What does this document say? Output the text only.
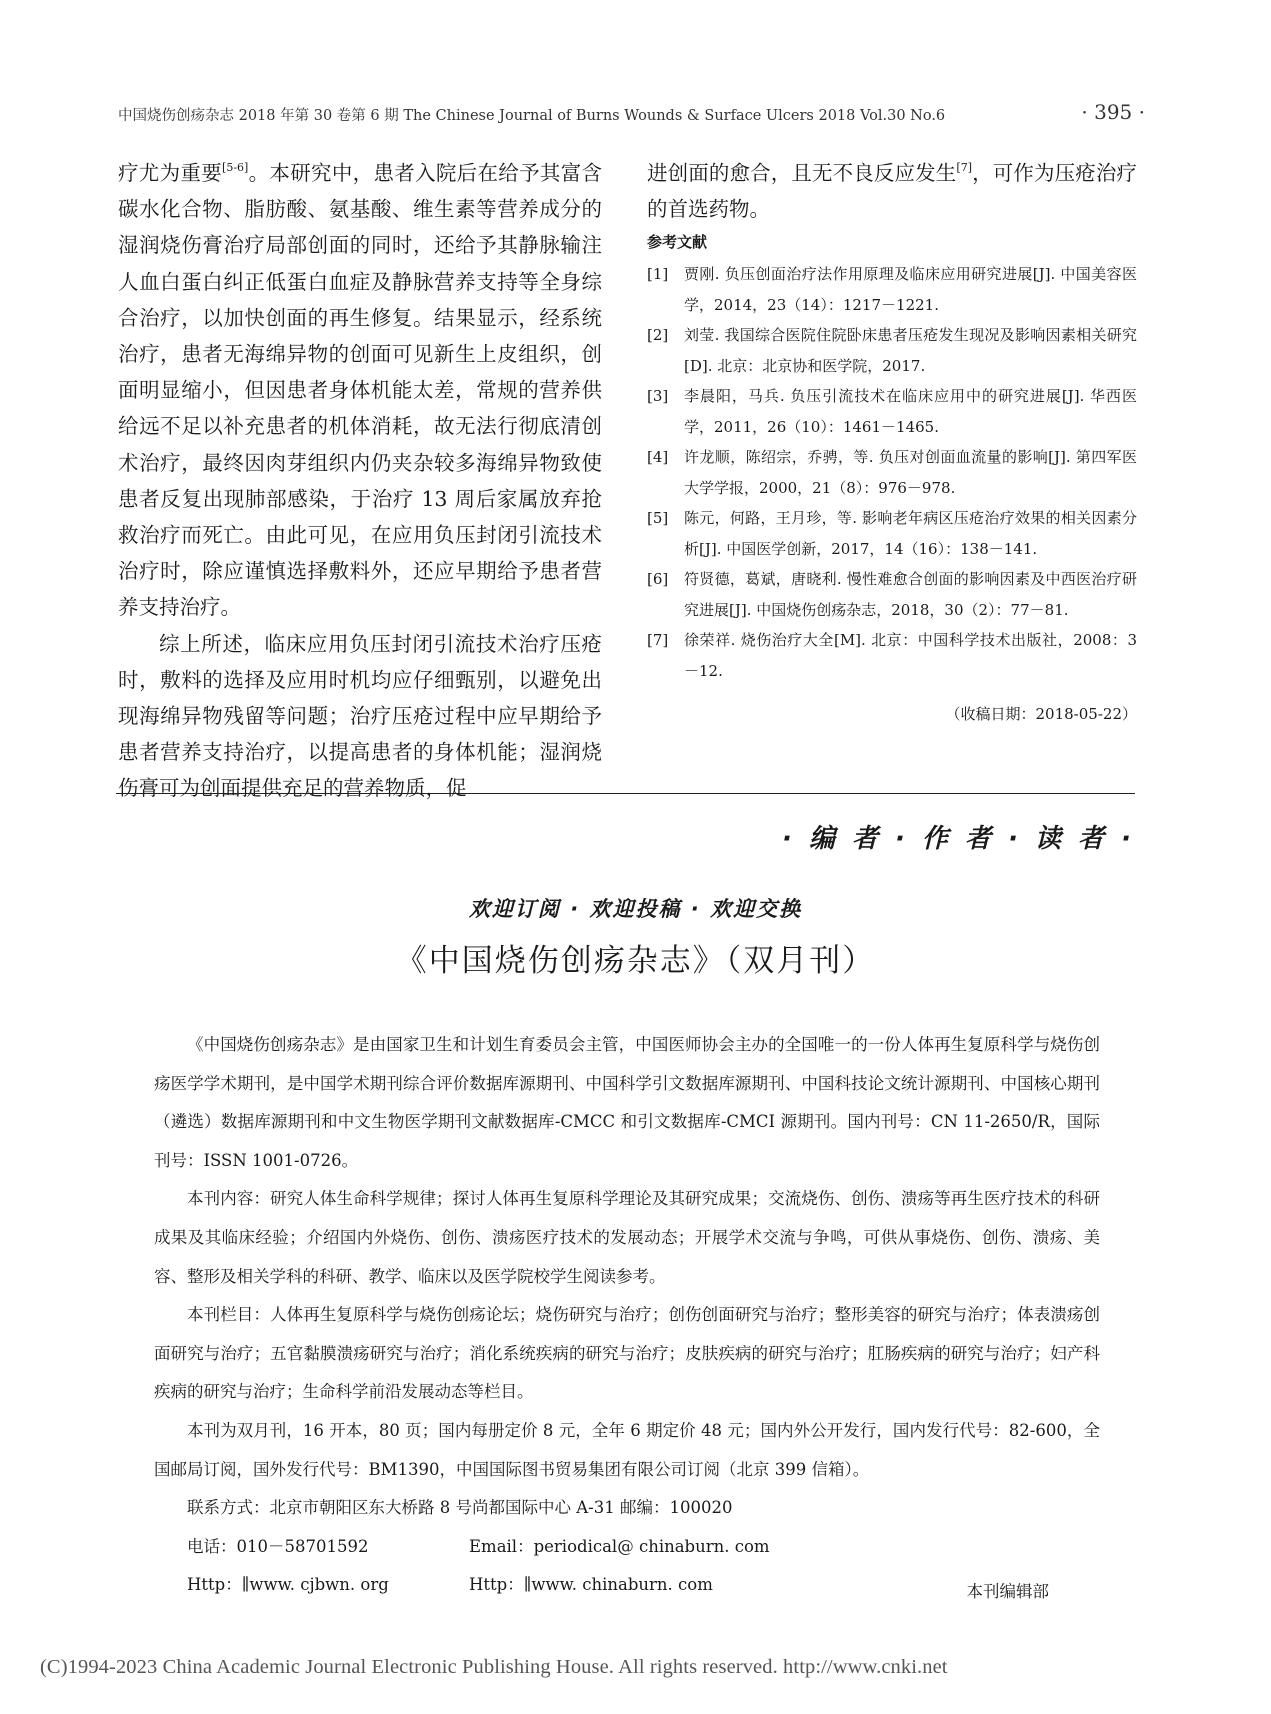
中国烧伤创疡杂志 2018 年第 30 卷第 6 期 The Chinese Journal of Burns Wounds & Surface Ulcers 2018 Vol.30 No.6	· 395 ·

疗尤为重要[5-6]。本研究中，患者入院后在给予其富含碳水化合物、脂肪酸、氨基酸、维生素等营养成分的湿润烧伤膏治疗局部创面的同时，还给予其静脉输注人血白蛋白纠正低蛋白血症及静脉营养支持等全身综合治疗，以加快创面的再生修复。结果显示，经系统治疗，患者无海绵异物的创面可见新生上皮组织，创面明显缩小，但因患者身体机能太差，常规的营养供给远不足以补充患者的机体消耗，故无法行彻底清创术治疗，最终因肉芽组织内仍夹杂较多海绵异物致使患者反复出现肺部感染，于治疗 13 周后家属放弃抢救治疗而死亡。由此可见，在应用负压封闭引流技术治疗时，除应谨慎选择敷料外，还应早期给予患者营养支持治疗。

综上所述，临床应用负压封闭引流技术治疗压疮时，敷料的选择及应用时机均应仔细甄别，以避免出现海绵异物残留等问题；治疗压疮过程中应早期给予患者营养支持治疗，以提高患者的身体机能；湿润烧伤膏可为创面提供充足的营养物质，促

进创面的愈合，且无不良反应发生[7]，可作为压疮治疗的首选药物。

参考文献
[1] 贾刚. 负压创面治疗法作用原理及临床应用研究进展[J]. 中国美容医学，2014，23（14）：1217－1221.
[2] 刘莹. 我国综合医院住院卧床患者压疮发生现况及影响因素相关研究[D]. 北京：北京协和医学院，2017.
[3] 李晨阳，马兵. 负压引流技术在临床应用中的研究进展[J]. 华西医学，2011，26（10）：1461－1465.
[4] 许龙顺，陈绍宗，乔骋，等. 负压对创面血流量的影响[J]. 第四军医大学学报，2000，21（8）：976－978.
[5] 陈元，何路，王月珍，等. 影响老年病区压疮治疗效果的相关因素分析[J]. 中国医学创新，2017，14（16）：138－141.
[6] 符贤德，葛斌，唐晓利. 慢性难愈合创面的影响因素及中西医治疗研究进展[J]. 中国烧伤创疡杂志，2018，30（2）：77－81.
[7] 徐荣祥. 烧伤治疗大全[M]. 北京：中国科学技术出版社，2008：3－12.
（收稿日期：2018-05-22）
· 编 者 · 作 者 · 读 者 ·
欢迎订阅 · 欢迎投稿 · 欢迎交换
《中国烧伤创疡杂志》（双月刊）

《中国烧伤创疡杂志》是由国家卫生和计划生育委员会主管，中国医师协会主办的全国唯一的一份人体再生复原科学与烧伤创疡医学学术期刊，是中国学术期刊综合评价数据库源期刊、中国科学引文数据库源期刊、中国科技论文统计源期刊、中国核心期刊（遴选）数据库源期刊和中文生物医学期刊文献数据库-CMCC 和引文数据库-CMCI 源期刊。国内刊号：CN 11-2650/R，国际刊号：ISSN 1001-0726。

本刊内容：研究人体生命科学规律；探讨人体再生复原科学理论及其研究成果；交流烧伤、创伤、溃疡等再生医疗技术的科研成果及其临床经验；介绍国内外烧伤、创伤、溃疡医疗技术的发展动态；开展学术交流与争鸣，可供从事烧伤、创伤、溃疡、美容、整形及相关学科的科研、教学、临床以及医学院校学生阅读参考。

本刊栏目：人体再生复原科学与烧伤创疡论坛；烧伤研究与治疗；创伤创面研究与治疗；整形美容的研究与治疗；体表溃疡创面研究与治疗；五官黏膜溃疡研究与治疗；消化系统疾病的研究与治疗；皮肤疾病的研究与治疗；肛肠疾病的研究与治疗；妇产科疾病的研究与治疗；生命科学前沿发展动态等栏目。

本刊为双月刊，16 开本，80 页；国内每册定价 8 元，全年 6 期定价 48 元；国内外公开发行，国内发行代号：82-600，全国邮局订阅，国外发行代号：BM1390，中国国际图书贸易集团有限公司订阅（北京 399 信箱）。

联系方式：北京市朝阳区东大桥路 8 号尚都国际中心 A-31 邮编：100020
电话：010－58701592	Email：periodical@ chinaburn. com
Http：∥www. cjbwn. org	Http：∥www. chinaburn. com	本刊编辑部
(C)1994-2023 China Academic Journal Electronic Publishing House. All rights reserved. http://www.cnki.net
